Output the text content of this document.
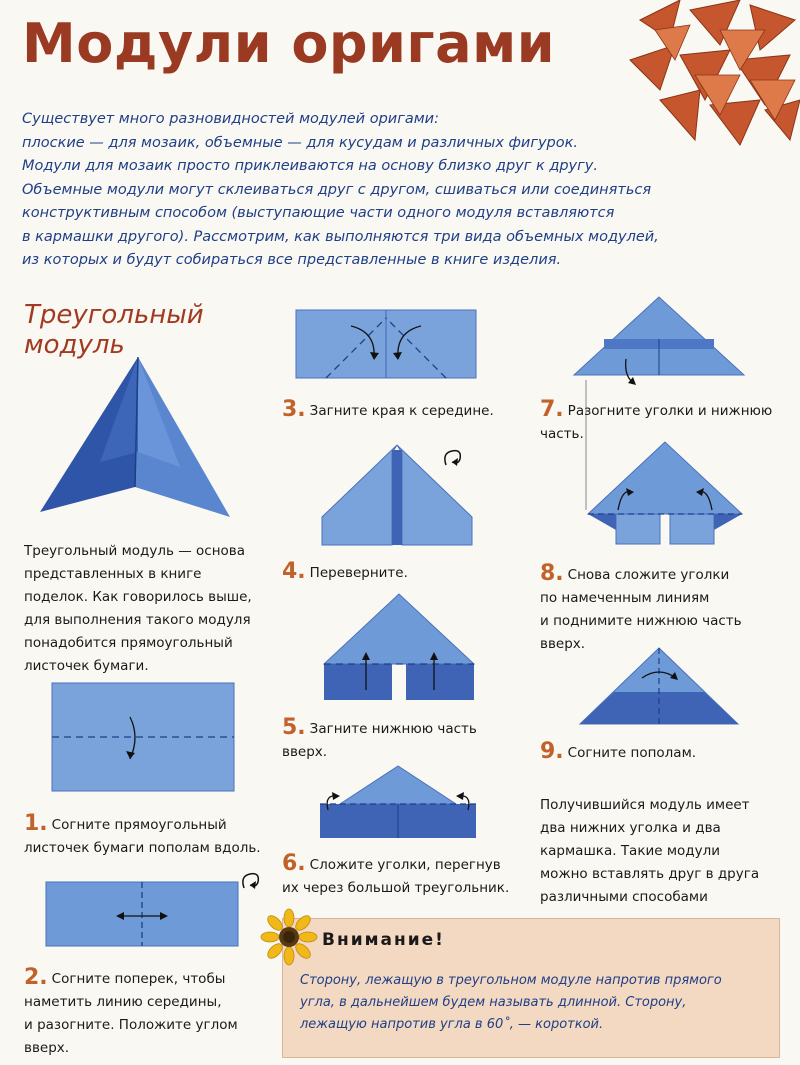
Модули оригами
Существует много разновидностей модулей оригами:
плоские — для мозаик, объемные — для кусудам и различных фигурок.
Модули для мозаик просто приклеиваются на основу близко друг к другу.
Объемные модули могут склеиваться друг с другом, сшиваться или соединяться
конструктивным способом (выступающие части одного модуля вставляются
в кармашки другого). Рассмотрим, как выполняются три вида объемных модулей,
из которых и будут собираться все представленные в книге изделия.
Треугольный
модуль
Треугольный модуль — основа
представленных в книге
поделок. Как говорилось выше,
для выполнения такого модуля
понадобится прямоугольный
листочек бумаги.
1. Согните прямоугольный
листочек бумаги пополам вдоль.
2. Согните поперек, чтобы
наметить линию середины,
и разогните. Положите углом
вверх.
3. Загните края к середине.
4. Переверните.
5. Загните нижнюю часть
вверх.
6. Сложите уголки, перегнув
их через большой треугольник.
7. Разогните уголки и нижнюю
часть.
8. Снова сложите уголки
по намеченным линиям
и поднимите нижнюю часть
вверх.
9. Согните пополам.
Получившийся модуль имеет
два нижних уголка и два
кармашка. Такие модули
можно вставлять друг в друга
различными способами
Внимание!
Сторону, лежащую в треугольном модуле напротив прямого
угла, в дальнейшем будем называть длинной. Сторону,
лежащую напротив угла в 60˚, — короткой.
